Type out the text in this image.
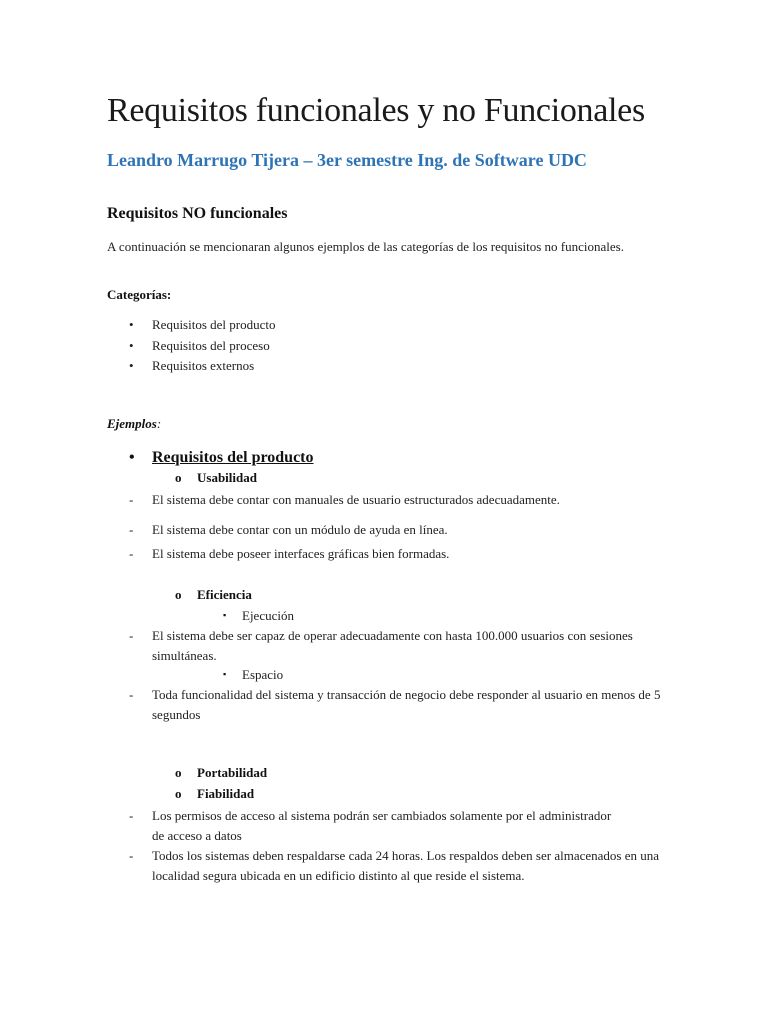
Requisitos funcionales y no Funcionales
Leandro Marrugo Tijera – 3er semestre Ing. de Software UDC
Requisitos NO funcionales
A continuación se mencionaran algunos ejemplos de las categorías de los requisitos no funcionales.
Categorías:
• Requisitos del producto
• Requisitos del proceso
• Requisitos externos
Ejemplos:
• Requisitos del producto
o Usabilidad
- El sistema debe contar con manuales de usuario estructurados adecuadamente.
- El sistema debe contar con un módulo de ayuda en línea.
- El sistema debe poseer interfaces gráficas bien formadas.
o Eficiencia
▪ Ejecución
- El sistema debe ser capaz de operar adecuadamente con hasta 100.000 usuarios con sesiones simultáneas.
▪ Espacio
- Toda funcionalidad del sistema y transacción de negocio debe responder al usuario en menos de 5 segundos
o Portabilidad
o Fiabilidad
- Los permisos de acceso al sistema podrán ser cambiados solamente por el administrador de acceso a datos
- Todos los sistemas deben respaldarse cada 24 horas. Los respaldos deben ser almacenados en una localidad segura ubicada en un edificio distinto al que reside el sistema.
